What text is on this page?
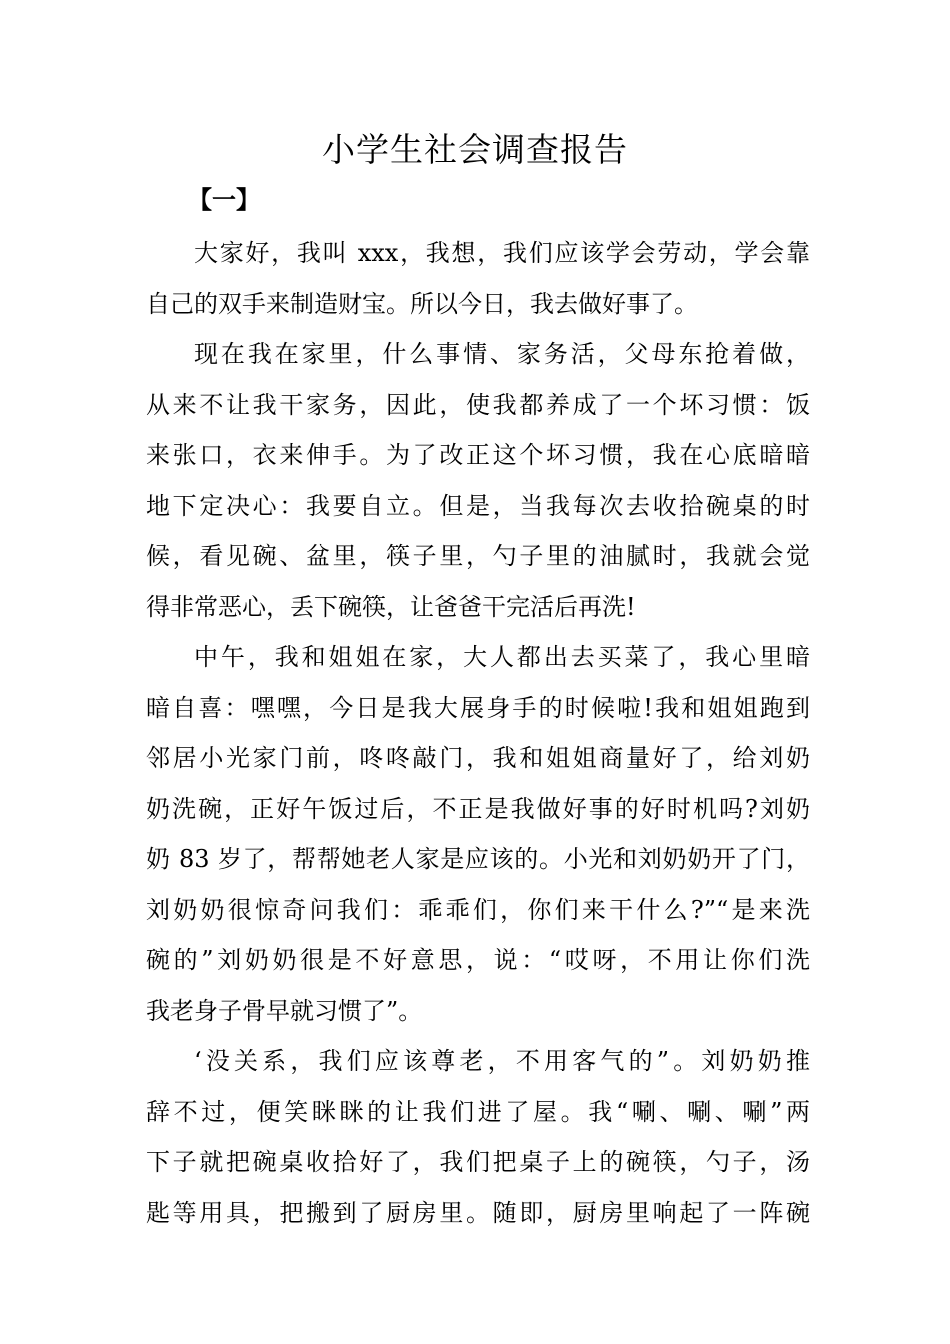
小学生社会调查报告
【一】

大家好，我叫 xxx，我想，我们应该学会劳动，学会靠
自己的双手来制造财宝。所以今日，我去做好事了。

现在我在家里，什么事情、家务活，父母东抢着做，
从来不让我干家务，因此，使我都养成了一个坏习惯：饭
来张口，衣来伸手。为了改正这个坏习惯，我在心底暗暗
地下定决心：我要自立。但是，当我每次去收拾碗桌的时
候，看见碗、盆里，筷子里，勺子里的油腻时，我就会觉
得非常恶心，丢下碗筷，让爸爸干完活后再洗!

中午，我和姐姐在家，大人都出去买菜了，我心里暗
暗自喜：嘿嘿，今日是我大展身手的时候啦!我和姐姐跑到
邻居小光家门前，咚咚敲门，我和姐姐商量好了，给刘奶
奶洗碗，正好午饭过后，不正是我做好事的好时机吗?刘奶
奶 83 岁了，帮帮她老人家是应该的。小光和刘奶奶开了门，
刘奶奶很惊奇问我们：乖乖们，你们来干什么?”“是来洗
碗的”刘奶奶很是不好意思，说：“哎呀，不用让你们洗
我老身子骨早就习惯了”。

‘没关系，我们应该尊老，不用客气的”。刘奶奶推
辞不过，便笑眯眯的让我们进了屋。我“唰、唰、唰”两
下子就把碗桌收拾好了，我们把桌子上的碗筷，勺子，汤
匙等用具，把搬到了厨房里。随即，厨房里响起了一阵碗
